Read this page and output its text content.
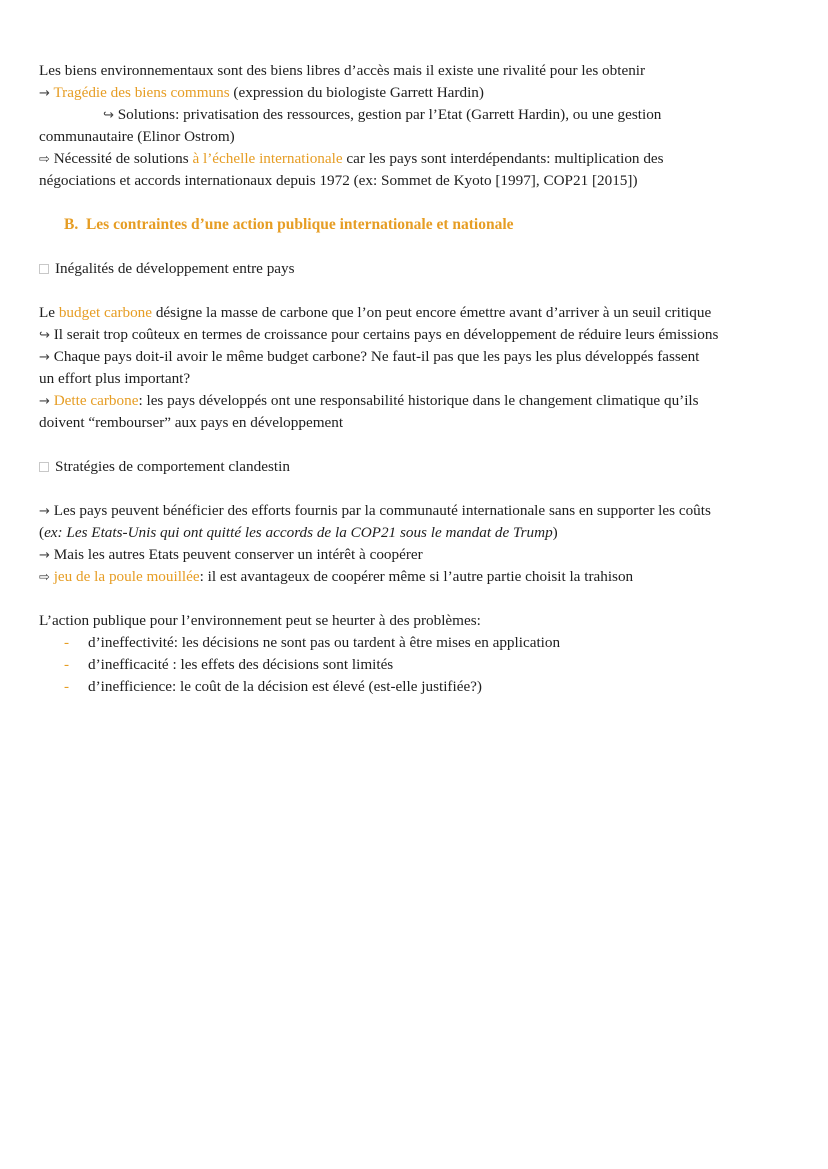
Les biens environnementaux sont des biens libres d’accès mais il existe une rivalité pour les obtenir
→ Tragédie des biens communs (expression du biologiste Garrett Hardin)
↪ Solutions: privatisation des ressources, gestion par l’Etat (Garrett Hardin), ou une gestion
communautaire (Elinor Ostrom)
⇨ Nécessité de solutions à l’échelle internationale car les pays sont interdépendants: multiplication des
négociations et accords internationaux depuis 1972 (ex: Sommet de Kyoto [1997], COP21 [2015])
B. Les contraintes d’une action publique internationale et nationale
Inégalités de développement entre pays
Le budget carbone désigne la masse de carbone que l’on peut encore émettre avant d’arriver à un seuil critique
↪ Il serait trop coûteux en termes de croissance pour certains pays en développement de réduire leurs émissions
→ Chaque pays doit-il avoir le même budget carbone? Ne faut-il pas que les pays les plus développés fassent
un effort plus important?
→ Dette carbone: les pays développés ont une responsabilité historique dans le changement climatique qu’ils
doivent “rembourser” aux pays en développement
Stratégies de comportement clandestin
→ Les pays peuvent bénéficier des efforts fournis par la communauté internationale sans en supporter les coûts
(ex: Les Etats-Unis qui ont quitté les accords de la COP21 sous le mandat de Trump)
→ Mais les autres Etats peuvent conserver un intérêt à coopérer
⇨ jeu de la poule mouillée: il est avantageux de coopérer même si l’autre partie choisit la trahison
L’action publique pour l’environnement peut se heurter à des problèmes:
- d’ineffectivité: les décisions ne sont pas ou tardent à être mises en application
- d’inefficacité : les effets des décisions sont limités
- d’inefficience: le coût de la décision est élevé (est-elle justifiée?)
